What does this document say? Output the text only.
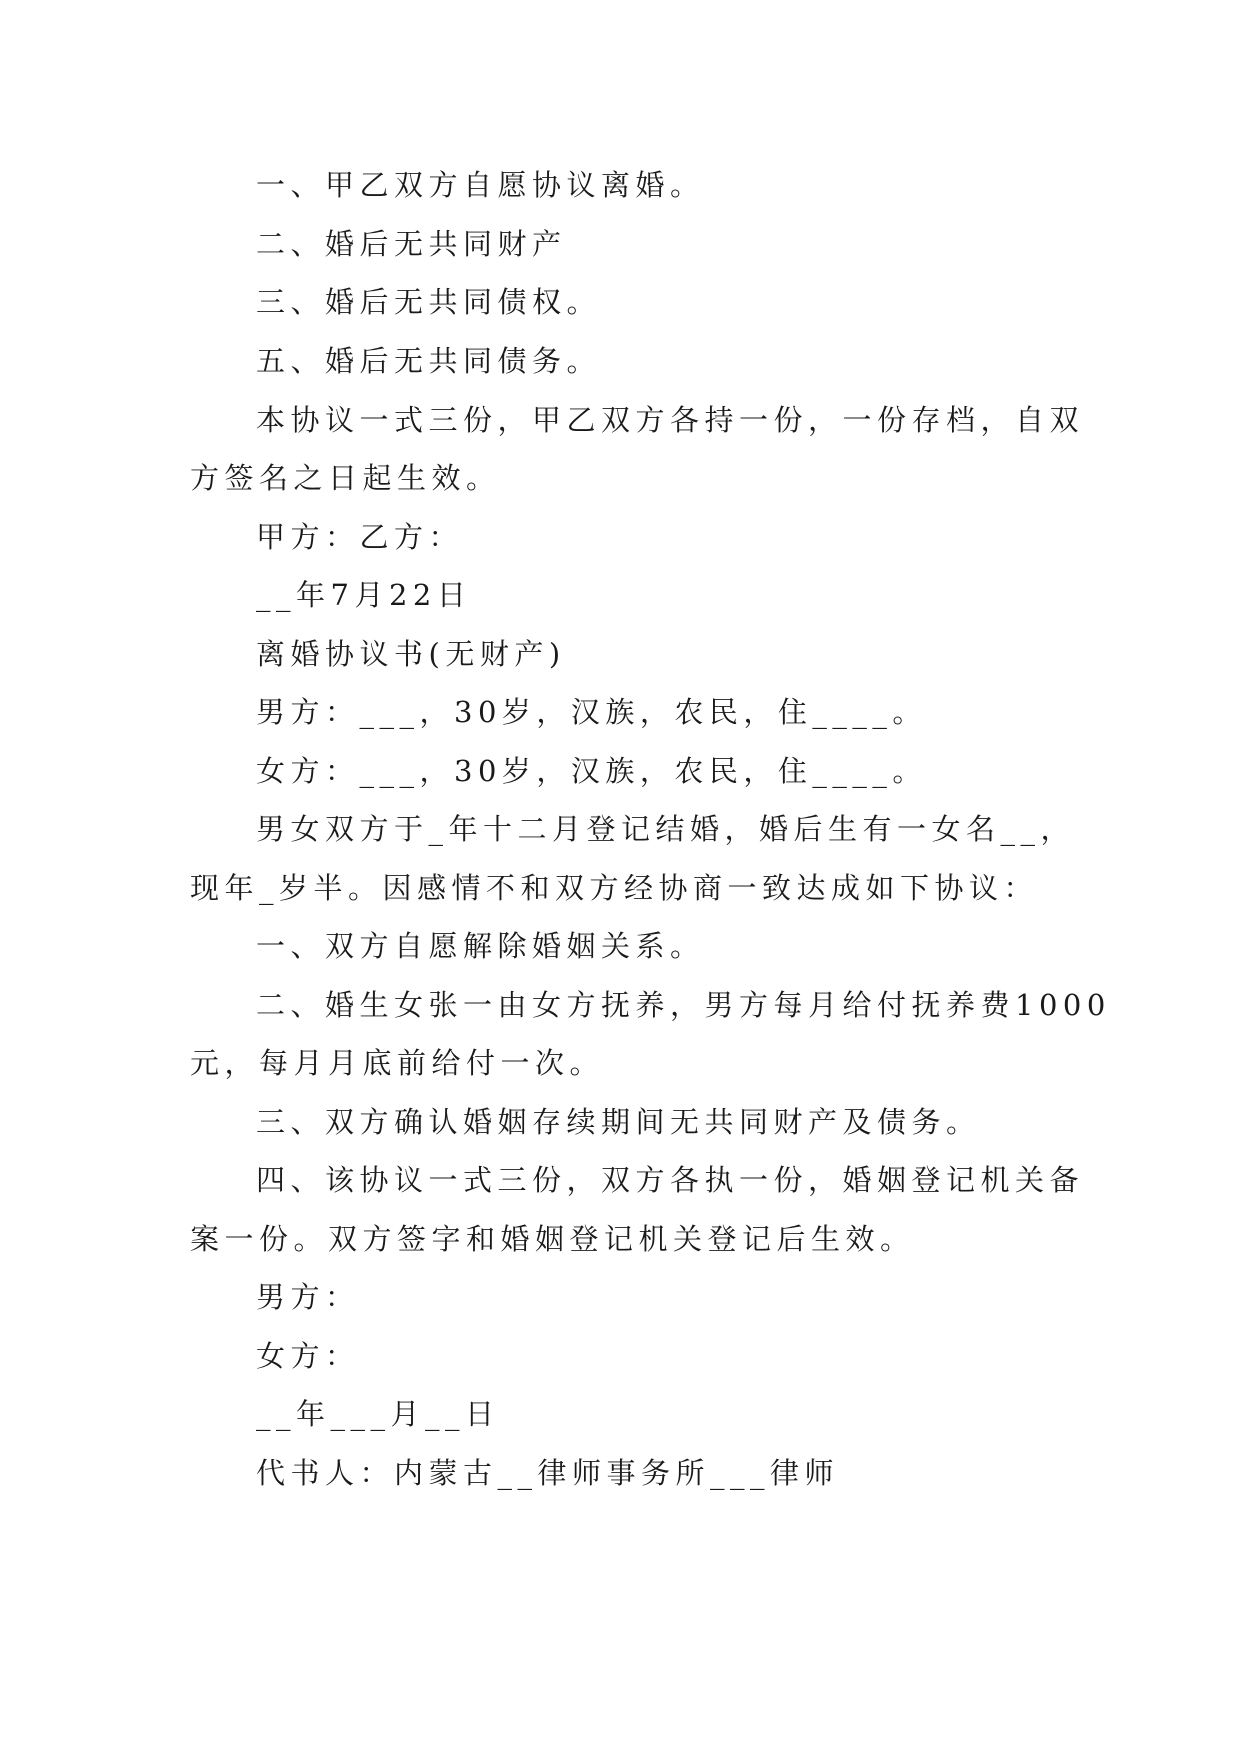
一、甲乙双方自愿协议离婚。
二、婚后无共同财产
三、婚后无共同债权。
五、婚后无共同债务。
本协议一式三份，甲乙双方各持一份，一份存档，自双
方签名之日起生效。
甲方：乙方：
__年7月22日
离婚协议书(无财产)
男方：___，30岁，汉族，农民，住____。
女方：___，30岁，汉族，农民，住____。
男女双方于_年十二月登记结婚，婚后生有一女名__，
现年_岁半。因感情不和双方经协商一致达成如下协议：
一、双方自愿解除婚姻关系。
二、婚生女张一由女方抚养，男方每月给付抚养费1000
元，每月月底前给付一次。
三、双方确认婚姻存续期间无共同财产及债务。
四、该协议一式三份，双方各执一份，婚姻登记机关备
案一份。双方签字和婚姻登记机关登记后生效。
男方：
女方：
__年___月__日
代书人：内蒙古__律师事务所___律师
